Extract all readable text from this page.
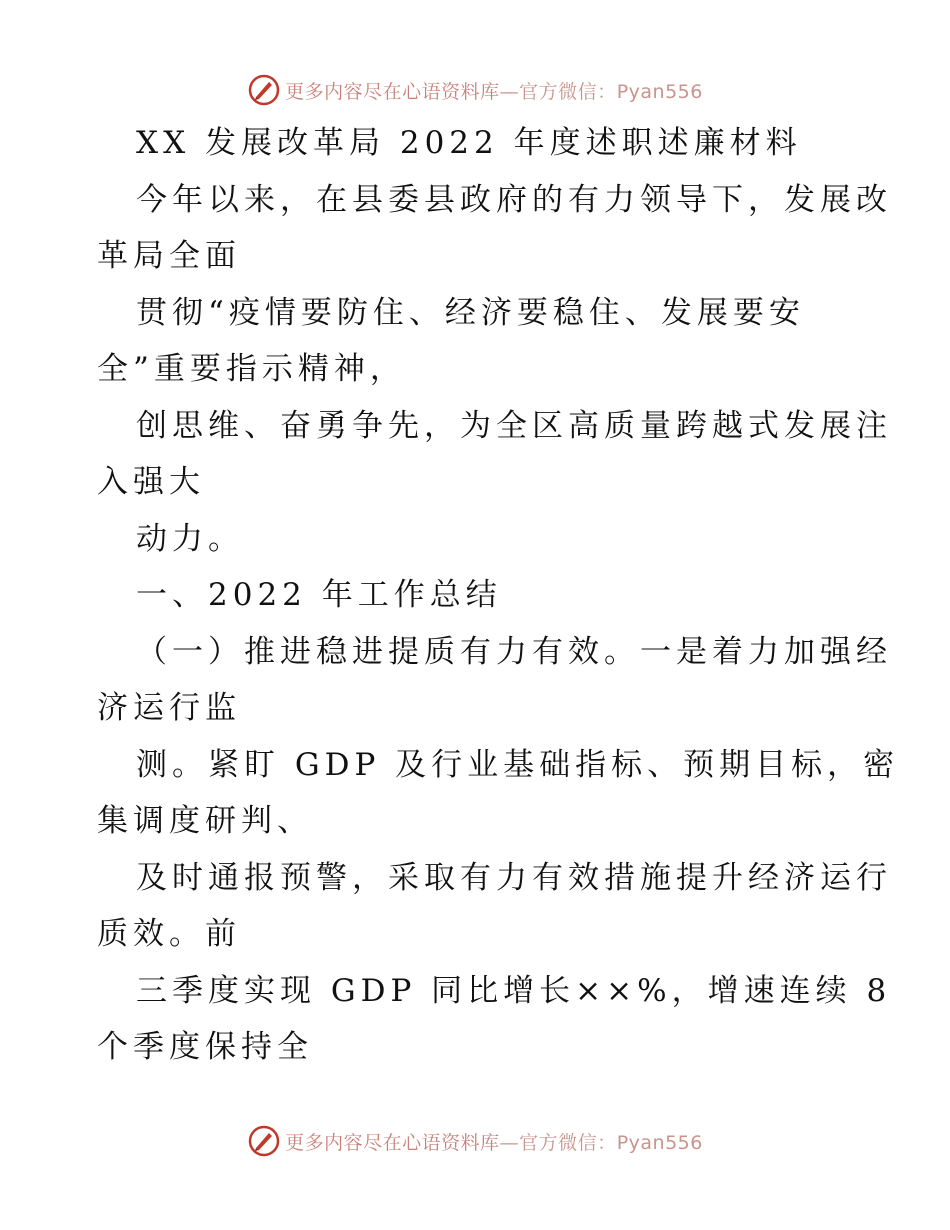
更多内容尽在心语资料库—官方微信：Pyan556
XX 发展改革局 2022 年度述职述廉材料
今年以来，在县委县政府的有力领导下，发展改
革局全面
贯彻“疫情要防住、经济要稳住、发展要安
全”重要指示精神，
创思维、奋勇争先，为全区高质量跨越式发展注
入强大
动力。
一、2022 年工作总结
（一）推进稳进提质有力有效。一是着力加强经
济运行监
测。紧盯 GDP 及行业基础指标、预期目标，密
集调度研判、
及时通报预警，采取有力有效措施提升经济运行
质效。前
三季度实现 GDP 同比增长××%，增速连续 8
个季度保持全
更多内容尽在心语资料库—官方微信：Pyan556
